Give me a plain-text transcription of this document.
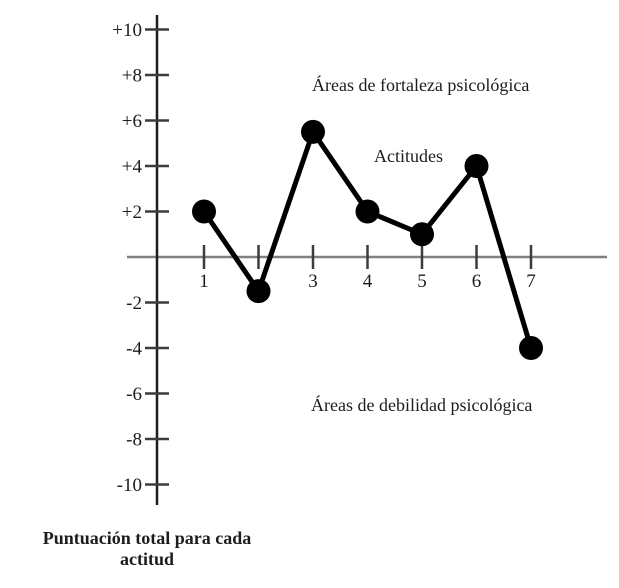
+10
+8
+6
+4
+2
-2
-4
-6
-8
-10
1	3 4 5 6 7
Áreas de fortaleza psicológica
Actitudes
Áreas de debilidad psicológica
Puntuación total para cada
actitud
